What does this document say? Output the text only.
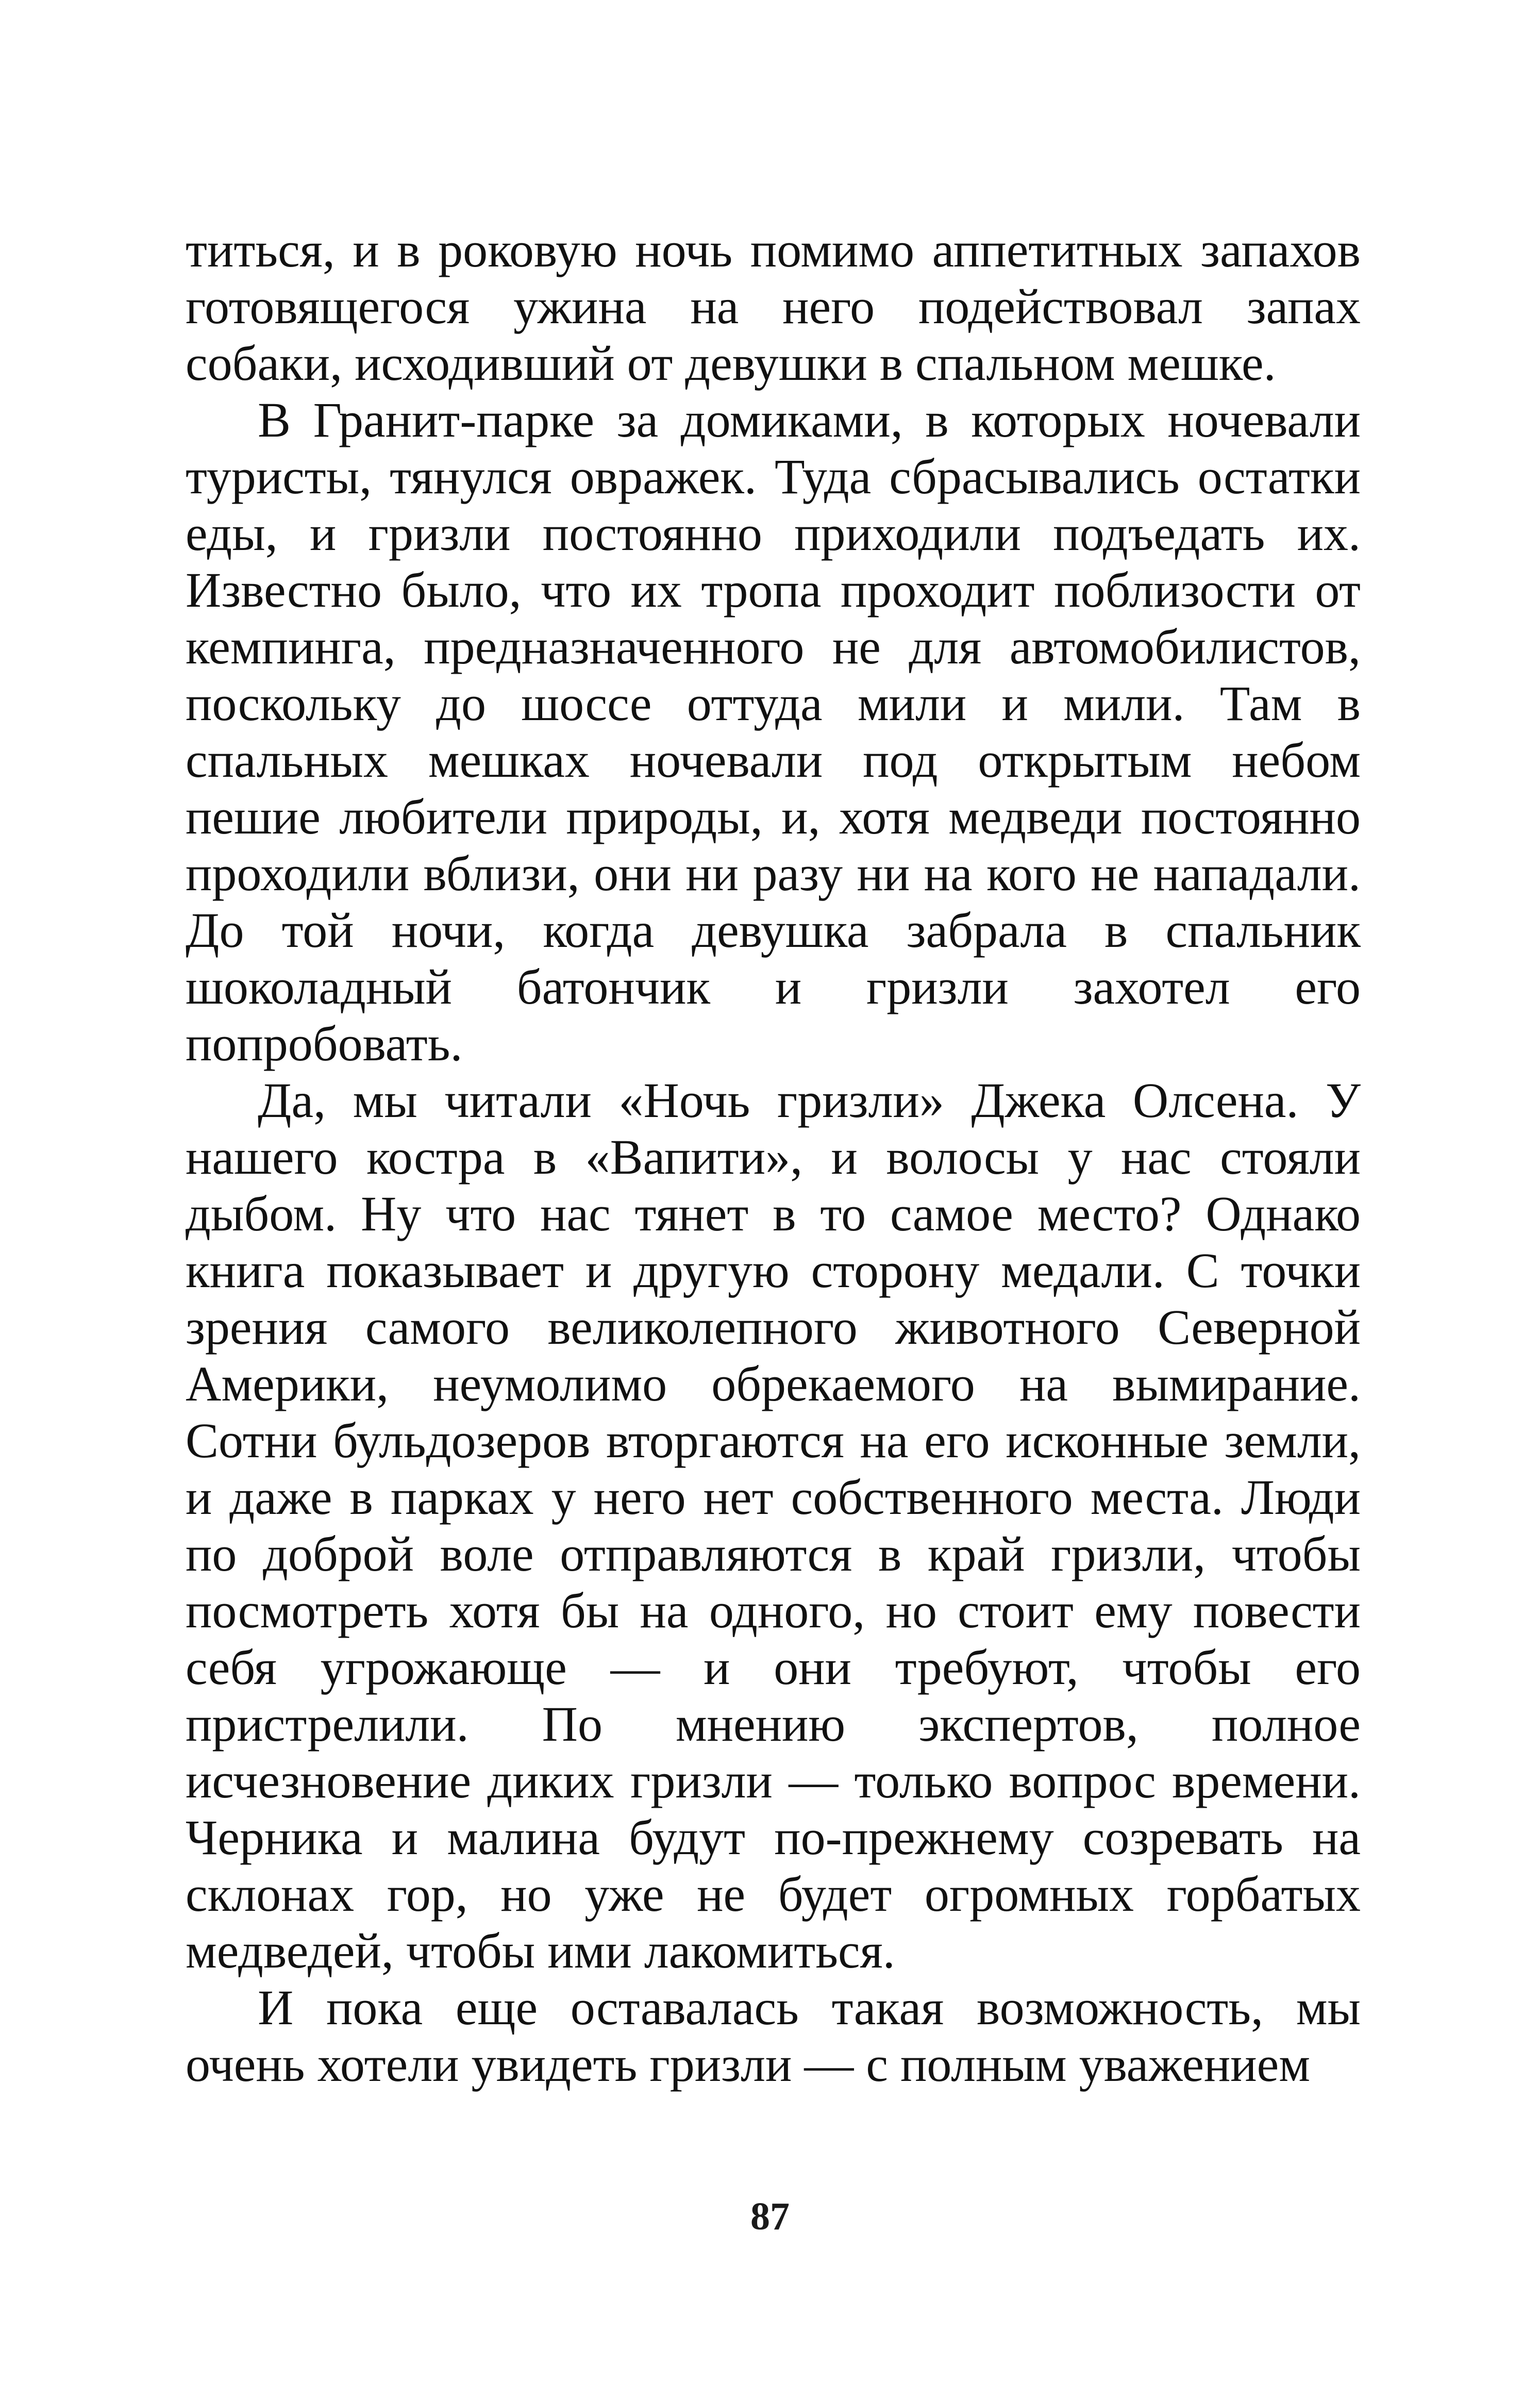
титься, и в роковую ночь помимо аппетитных запахов готовящегося ужина на него подействовал запах собаки, исходивший от девушки в спальном мешке.

В Гранит-парке за домиками, в которых ночевали туристы, тянулся овражек. Туда сбрасывались остатки еды, и гризли постоянно приходили подъедать их. Известно было, что их тропа проходит поблизости от кемпинга, предназначенного не для автомобилистов, поскольку до шоссе оттуда мили и мили. Там в спальных мешках ночевали под открытым небом пешие любители природы, и, хотя медведи постоянно проходили вблизи, они ни разу ни на кого не нападали. До той ночи, когда девушка забрала в спальник шоколадный батончик и гризли захотел его попробовать.

Да, мы читали «Ночь гризли» Джека Олсена. У нашего костра в «Вапити», и волосы у нас стояли дыбом. Ну что нас тянет в то самое место? Однако книга показывает и другую сторону медали. С точки зрения самого великолепного животного Северной Америки, неумолимо обрекаемого на вымирание. Сотни бульдозеров вторгаются на его исконные земли, и даже в парках у него нет собственного места. Люди по доброй воле отправляются в край гризли, чтобы посмотреть хотя бы на одного, но стоит ему повести себя угрожающе — и они требуют, чтобы его пристрелили. По мнению экспертов, полное исчезновение диких гризли — только вопрос времени. Черника и малина будут по-прежнему созревать на склонах гор, но уже не будет огромных горбатых медведей, чтобы ими лакомиться.

И пока еще оставалась такая возможность, мы очень хотели увидеть гризли — с полным уважением

87
